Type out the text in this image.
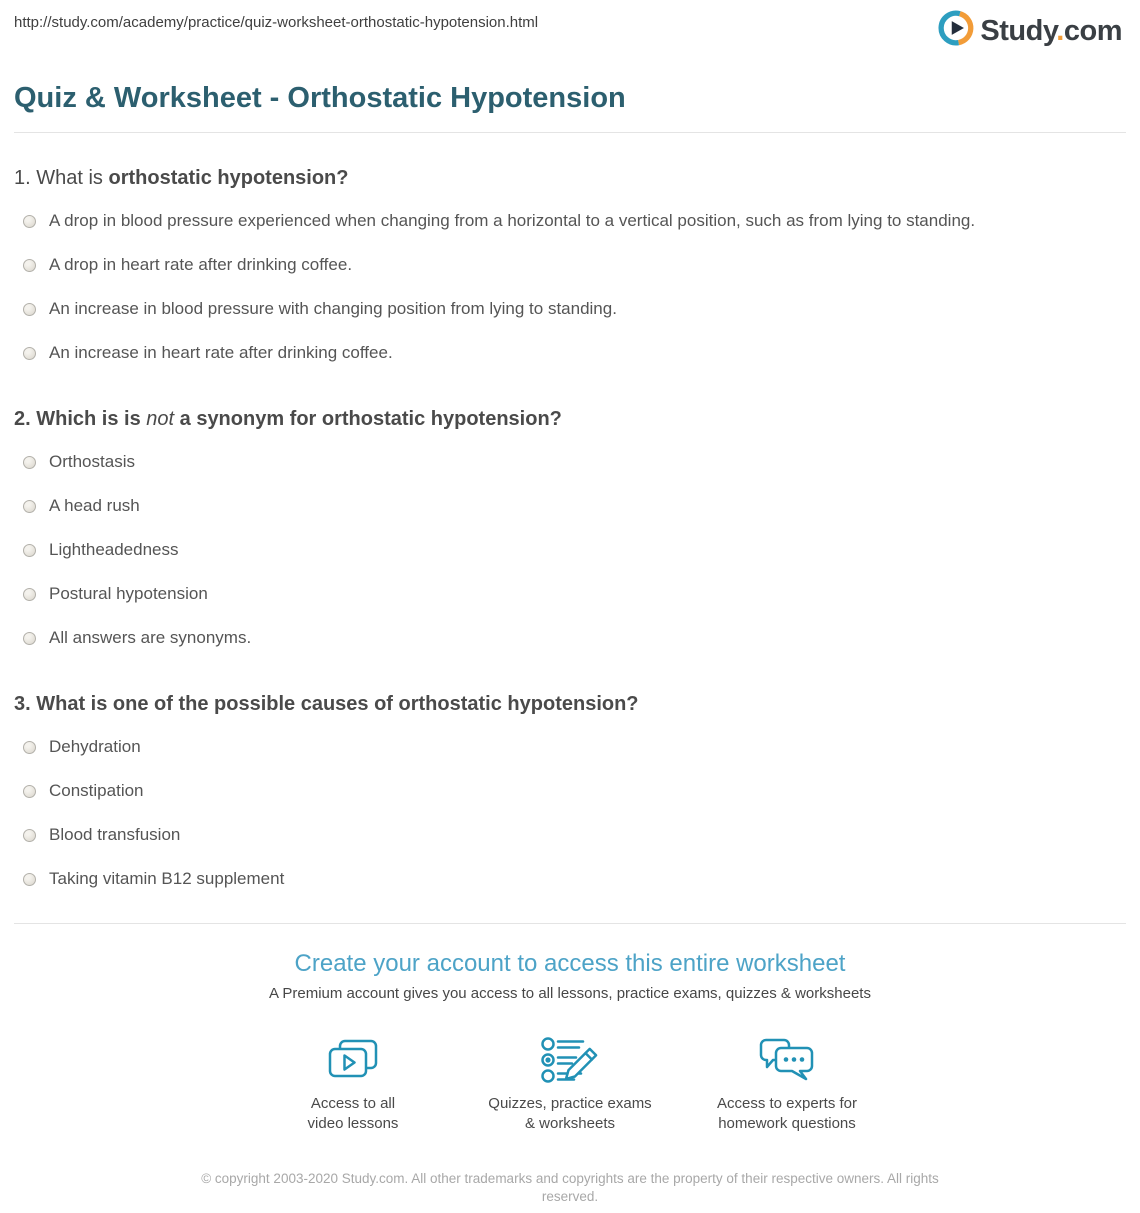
http://study.com/academy/practice/quiz-worksheet-orthostatic-hypotension.html	Study.com
Quiz & Worksheet - Orthostatic Hypotension
1. What is orthostatic hypotension?
A drop in blood pressure experienced when changing from a horizontal to a vertical position, such as from lying to standing.
A drop in heart rate after drinking coffee.
An increase in blood pressure with changing position from lying to standing.
An increase in heart rate after drinking coffee.
2. Which is is not a synonym for orthostatic hypotension?
Orthostasis
A head rush
Lightheadedness
Postural hypotension
All answers are synonyms.
3. What is one of the possible causes of orthostatic hypotension?
Dehydration
Constipation
Blood transfusion
Taking vitamin B12 supplement
Create your account to access this entire worksheet

A Premium account gives you access to all lessons, practice exams, quizzes & worksheets

Access to all
video lessons
Quizzes, practice exams
& worksheets
Access to experts for
homework questions
© copyright 2003-2020 Study.com. All other trademarks and copyrights are the property of their respective owners. All rights reserved.
